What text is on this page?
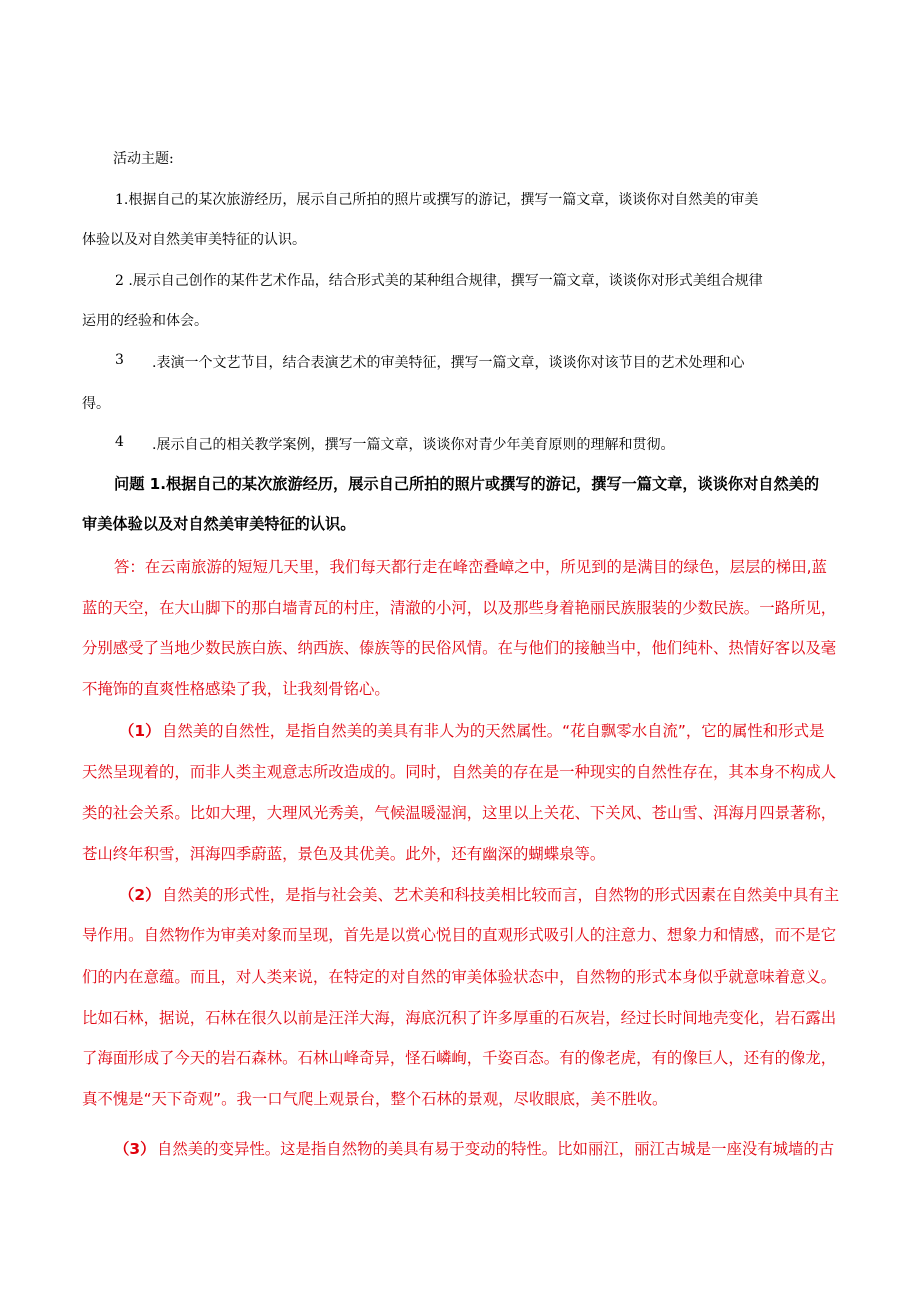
活动主题:
1.根据自己的某次旅游经历，展示自己所拍的照片或撰写的游记，撰写一篇文章，谈谈你对自然美的审美
体验以及对自然美审美特征的认识。
2 .展示自己创作的某件艺术作品，结合形式美的某种组合规律，撰写一篇文章，谈谈你对形式美组合规律
运用的经验和体会。
3 .表演一个文艺节目，结合表演艺术的审美特征，撰写一篇文章，谈谈你对该节目的艺术处理和心
得。
4 .展示自己的相关教学案例，撰写一篇文章，谈谈你对青少年美育原则的理解和贯彻。
问题 1.根据自己的某次旅游经历，展示自己所拍的照片或撰写的游记，撰写一篇文章，谈谈你对自然美的
审美体验以及对自然美审美特征的认识。
答：在云南旅游的短短几天里，我们每天都行走在峰峦叠嶂之中，所见到的是满目的绿色，层层的梯田,蓝
蓝的天空，在大山脚下的那白墙青瓦的村庄，清澈的小河，以及那些身着艳丽民族服装的少数民族。一路所见，
分别感受了当地少数民族白族、纳西族、傣族等的民俗风情。在与他们的接触当中，他们纯朴、热情好客以及毫
不掩饰的直爽性格感染了我，让我刻骨铭心。
（1） 自然美的自然性，是指自然美的美具有非人为的天然属性。“花自飘零水自流”，它的属性和形式是
天然呈现着的，而非人类主观意志所改造成的。同时，自然美的存在是一种现实的自然性存在，其本身不构成人
类的社会关系。比如大理，大理风光秀美，气候温暖湿润，这里以上关花、下关风、苍山雪、洱海月四景著称，
苍山终年积雪，洱海四季蔚蓝，景色及其优美。此外，还有幽深的蝴蝶泉等。
（2） 自然美的形式性，是指与社会美、艺术美和科技美相比较而言，自然物的形式因素在自然美中具有主
导作用。自然物作为审美对象而呈现，首先是以赏心悦目的直观形式吸引人的注意力、想象力和情感，而不是它
们的内在意蕴。而且，对人类来说，在特定的对自然的审美体验状态中，自然物的形式本身似乎就意味着意义。
比如石林，据说，石林在很久以前是汪洋大海，海底沉积了许多厚重的石灰岩，经过长时间地壳变化，岩石露出
了海面形成了今天的岩石森林。石林山峰奇异，怪石嶙峋，千姿百态。有的像老虎，有的像巨人，还有的像龙，
真不愧是“天下奇观”。我一口气爬上观景台，整个石林的景观，尽收眼底，美不胜收。
（3） 自然美的变异性。这是指自然物的美具有易于变动的特性。比如丽江，丽江古城是一座没有城墙的古
